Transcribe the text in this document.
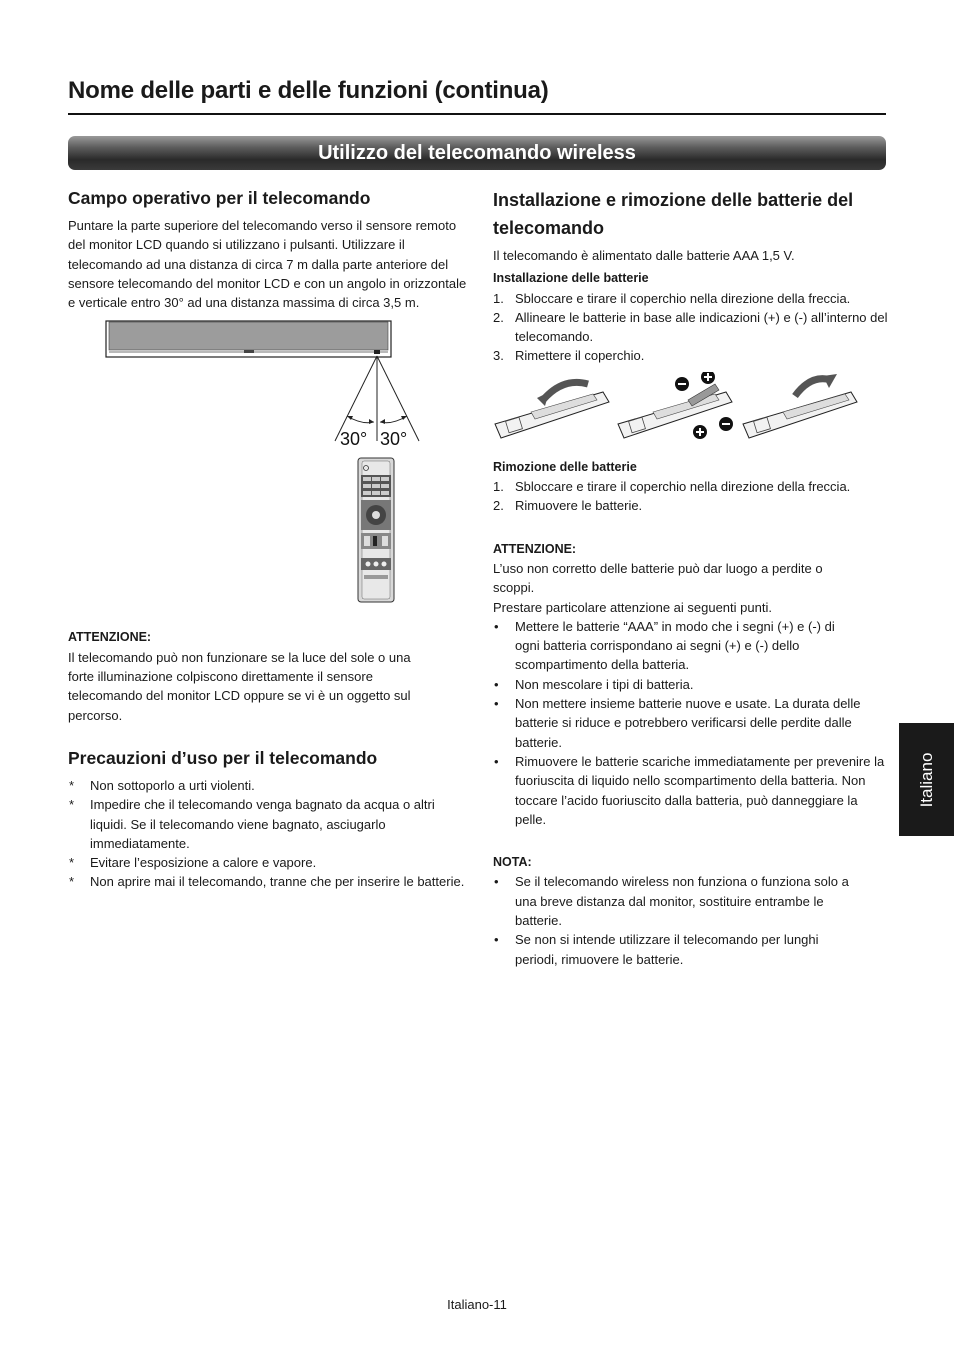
Nome delle parti e delle funzioni (continua)
Utilizzo del telecomando wireless
Campo operativo per il telecomando

Puntare la parte superiore del telecomando verso il sensore remoto del monitor LCD quando si utilizzano i pulsanti. Utilizzare il telecomando ad una distanza di circa 7 m dalla parte anteriore del sensore telecomando del monitor LCD e con un angolo in orizzontale e verticale entro 30° ad una distanza massima di circa 3,5 m.

30° 30°

ATTENZIONE:

Il telecomando può non funzionare se la luce del sole o una forte illuminazione colpiscono direttamente il sensore telecomando del monitor LCD oppure se vi è un oggetto sul percorso.

Precauzioni d’uso per il telecomando
* Non sottoporlo a urti violenti.
* Impedire che il telecomando venga bagnato da acqua o altri liquidi. Se il telecomando viene bagnato, asciugarlo immediatamente.
* Evitare l’esposizione a calore e vapore.
* Non aprire mai il telecomando, tranne che per inserire le batterie.
Installazione e rimozione delle batterie del telecomando

Il telecomando è alimentato dalle batterie AAA 1,5 V.

Installazione delle batterie

1. Sbloccare e tirare il coperchio nella direzione della freccia.
2. Allineare le batterie in base alle indicazioni (+) e (-) all’interno del telecomando.
3. Rimettere il coperchio.

Rimozione delle batterie

1. Sbloccare e tirare il coperchio nella direzione della freccia.
2. Rimuovere le batterie.

ATTENZIONE:

L’uso non corretto delle batterie può dar luogo a perdite o scoppi.

Prestare particolare attenzione ai seguenti punti.

• Mettere le batterie “AAA” in modo che i segni (+) e (-) di ogni batteria corrispondano ai segni (+) e (-) dello scompartimento della batteria.
• Non mescolare i tipi di batteria.
• Non mettere insieme batterie nuove e usate. La durata delle batterie si riduce e potrebbero verificarsi delle perdite dalle batterie.
• Rimuovere le batterie scariche immediatamente per prevenire la fuoriuscita di liquido nello scompartimento della batteria. Non toccare l’acido fuoriuscito dalla batteria, può danneggiare la pelle.

NOTA:

• Se il telecomando wireless non funziona o funziona solo a una breve distanza dal monitor, sostituire entrambe le batterie.
• Se non si intende utilizzare il telecomando per lunghi periodi, rimuovere le batterie.
Italiano
Italiano-11
